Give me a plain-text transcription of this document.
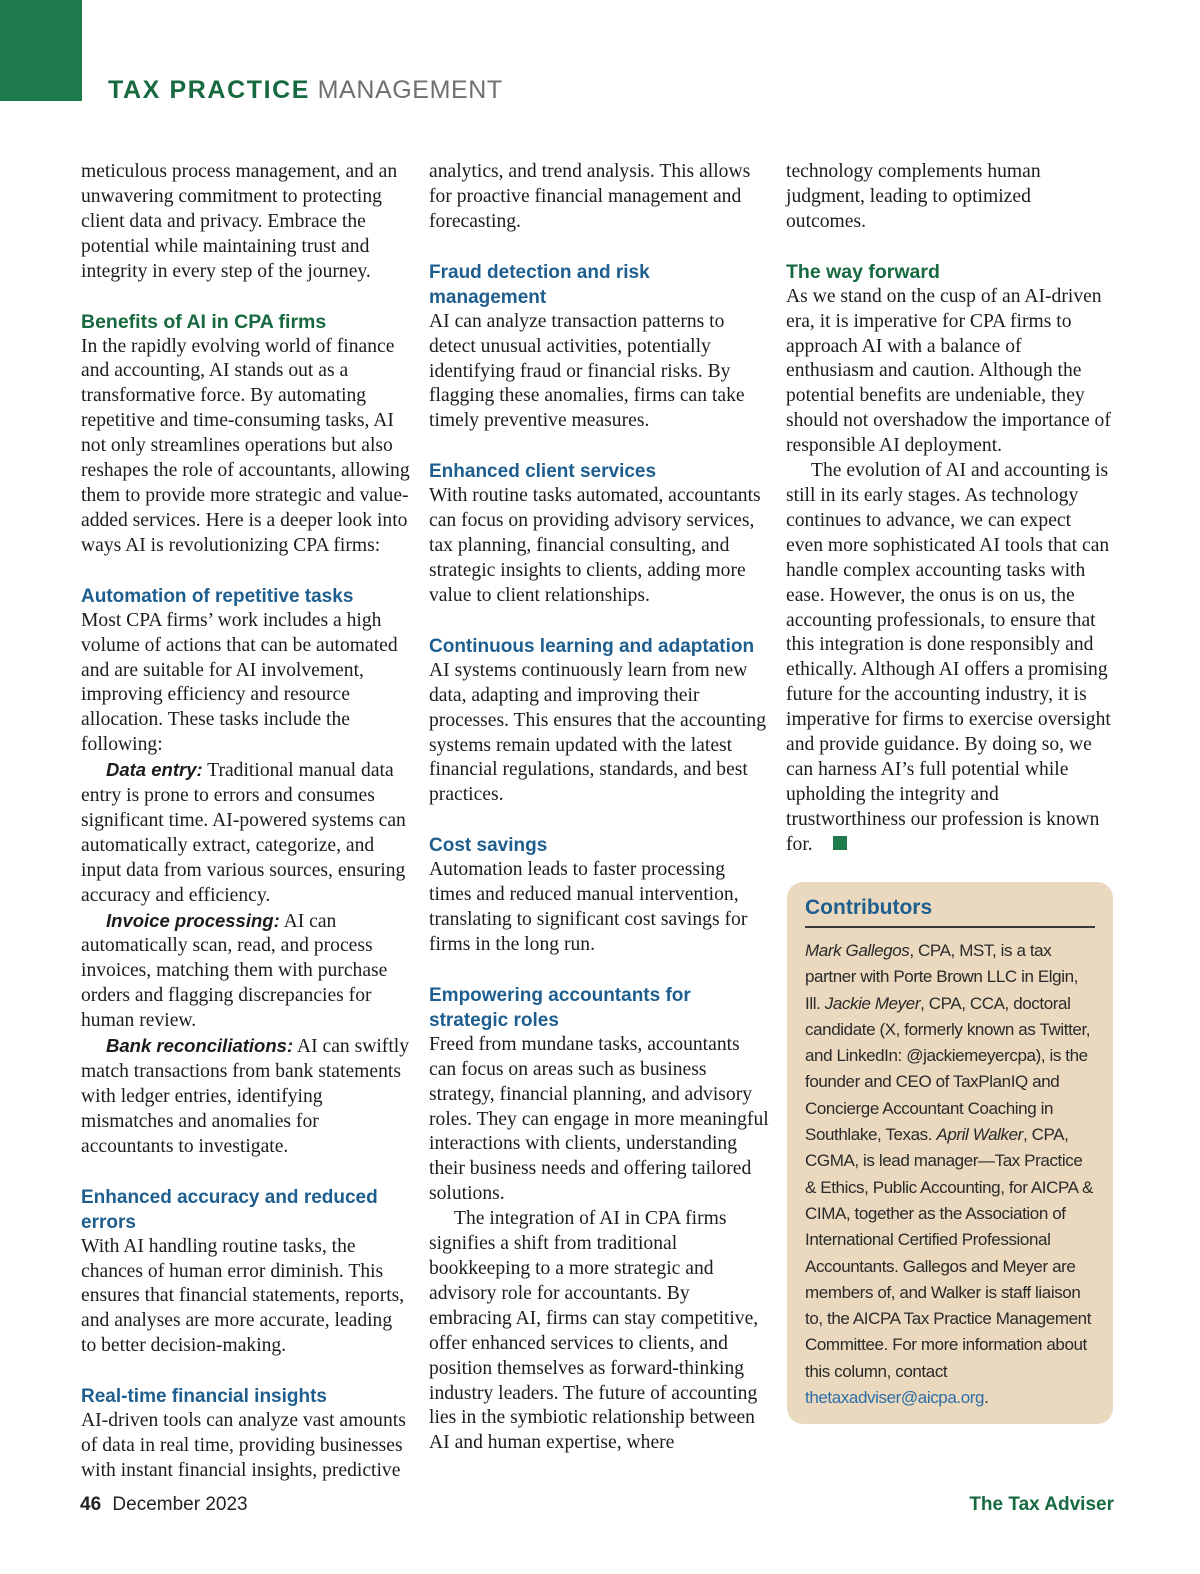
TAX PRACTICE MANAGEMENT

meticulous process management, and an unwavering commitment to protecting client data and privacy. Embrace the potential while maintaining trust and integrity in every step of the journey.

Benefits of AI in CPA firms

In the rapidly evolving world of finance and accounting, AI stands out as a transformative force. By automating repetitive and time-consuming tasks, AI not only streamlines operations but also reshapes the role of accountants, allowing them to provide more strategic and value-added services. Here is a deeper look into ways AI is revolutionizing CPA firms:

Automation of repetitive tasks

Most CPA firms’ work includes a high volume of actions that can be automated and are suitable for AI involvement, improving efficiency and resource allocation. These tasks include the following:

Data entry: Traditional manual data entry is prone to errors and consumes significant time. AI-powered systems can automatically extract, categorize, and input data from various sources, ensuring accuracy and efficiency.

Invoice processing: AI can automatically scan, read, and process invoices, matching them with purchase orders and flagging discrepancies for human review.

Bank reconciliations: AI can swiftly match transactions from bank statements with ledger entries, identifying mismatches and anomalies for accountants to investigate.

Enhanced accuracy and reduced errors

With AI handling routine tasks, the chances of human error diminish. This ensures that financial statements, reports, and analyses are more accurate, leading to better decision-making.

Real-time financial insights

AI-driven tools can analyze vast amounts of data in real time, providing businesses with instant financial insights, predictive

analytics, and trend analysis. This allows for proactive financial management and forecasting.

Fraud detection and risk management

AI can analyze transaction patterns to detect unusual activities, potentially identifying fraud or financial risks. By flagging these anomalies, firms can take timely preventive measures.

Enhanced client services

With routine tasks automated, accountants can focus on providing advisory services, tax planning, financial consulting, and strategic insights to clients, adding more value to client relationships.

Continuous learning and adaptation

AI systems continuously learn from new data, adapting and improving their processes. This ensures that the accounting systems remain updated with the latest financial regulations, standards, and best practices.

Cost savings

Automation leads to faster processing times and reduced manual intervention, translating to significant cost savings for firms in the long run.

Empowering accountants for strategic roles

Freed from mundane tasks, accountants can focus on areas such as business strategy, financial planning, and advisory roles. They can engage in more meaningful interactions with clients, understanding their business needs and offering tailored solutions.

The integration of AI in CPA firms signifies a shift from traditional bookkeeping to a more strategic and advisory role for accountants. By embracing AI, firms can stay competitive, offer enhanced services to clients, and position themselves as forward-thinking industry leaders. The future of accounting lies in the symbiotic relationship between AI and human expertise, where

technology complements human judgment, leading to optimized outcomes.

The way forward

As we stand on the cusp of an AI-driven era, it is imperative for CPA firms to approach AI with a balance of enthusiasm and caution. Although the potential benefits are undeniable, they should not overshadow the importance of responsible AI deployment.

The evolution of AI and accounting is still in its early stages. As technology continues to advance, we can expect even more sophisticated AI tools that can handle complex accounting tasks with ease. However, the onus is on us, the accounting professionals, to ensure that this integration is done responsibly and ethically. Although AI offers a promising future for the accounting industry, it is imperative for firms to exercise oversight and provide guidance. By doing so, we can harness AI’s full potential while upholding the integrity and trustworthiness our profession is known for.

Contributors
Mark Gallegos, CPA, MST, is a tax partner with Porte Brown LLC in Elgin, Ill. Jackie Meyer, CPA, CCA, doctoral candidate (X, formerly known as Twitter, and LinkedIn: @jackiemeyercpa), is the founder and CEO of TaxPlanIQ and Concierge Accountant Coaching in Southlake, Texas. April Walker, CPA, CGMA, is lead manager—Tax Practice & Ethics, Public Accounting, for AICPA & CIMA, together as the Association of International Certified Professional Accountants. Gallegos and Meyer are members of, and Walker is staff liaison to, the AICPA Tax Practice Management Committee. For more information about this column, contact thetaxadviser@aicpa.org.
46 December 2023	The Tax Adviser
